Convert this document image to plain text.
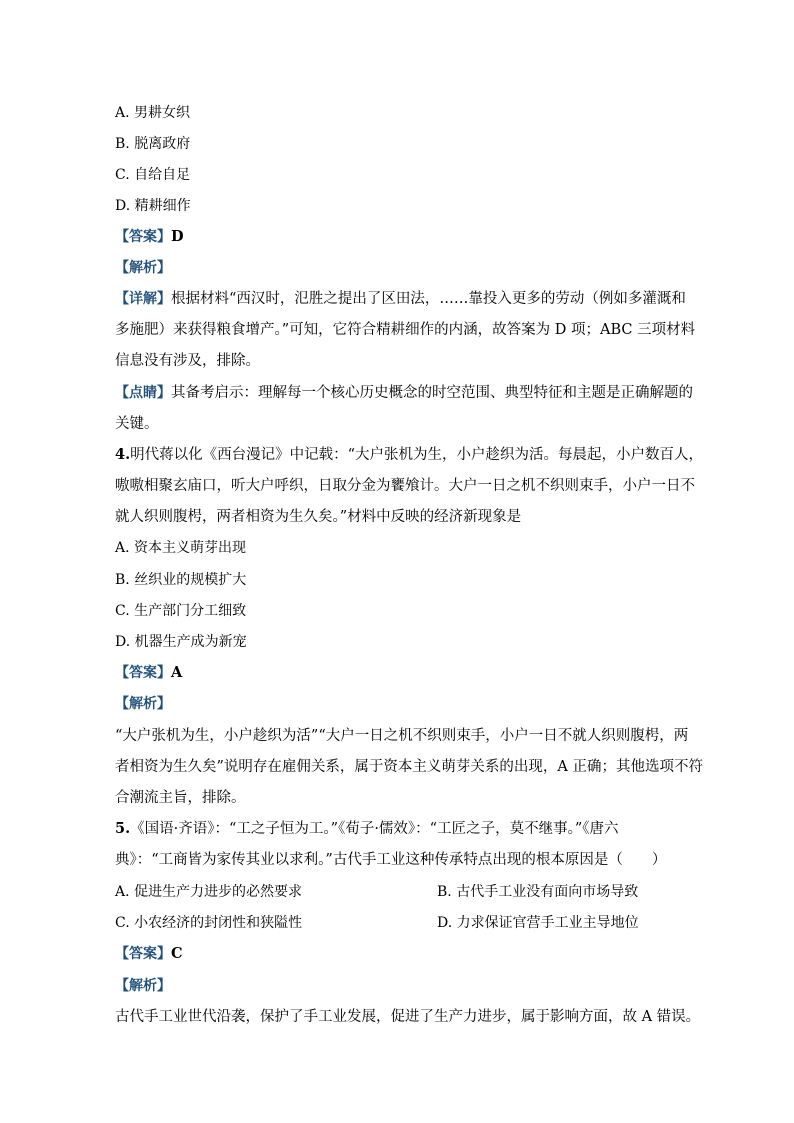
A. 男耕女织
B. 脱离政府
C. 自给自足
D. 精耕细作
【答案】D
【解析】
【详解】根据材料“西汉时，氾胜之提出了区田法，……靠投入更多的劳动（例如多灌溉和
多施肥）来获得粮食增产。”可知，它符合精耕细作的内涵，故答案为 D 项；ABC 三项材料
信息没有涉及，排除。
【点睛】其备考启示：理解每一个核心历史概念的时空范围、典型特征和主题是正确解题的
关键。
4.明代蒋以化《西台漫记》中记载：“大户张机为生，小户趁织为活。每晨起，小户数百人，
嗷嗷相聚玄庙口，听大户呼织，日取分金为饔飧计。大户一日之机不织则束手，小户一日不
就人织则腹枵，两者相资为生久矣。”材料中反映的经济新现象是
A. 资本主义萌芽出现
B. 丝织业的规模扩大
C. 生产部门分工细致
D. 机器生产成为新宠
【答案】A
【解析】
“大户张机为生，小户趁织为活”“大户一日之机不织则束手，小户一日不就人织则腹枵，两
者相资为生久矣”说明存在雇佣关系，属于资本主义萌芽关系的出现，A 正确；其他选项不符
合潮流主旨，排除。
5.《国语·齐语》：“工之子恒为工。”《荀子·儒效》：“工匠之子，莫不继事。”《唐六
典》：“工商皆为家传其业以求利。”古代手工业这种传承特点出现的根本原因是（　　）
A. 促进生产力进步的必然要求	B. 古代手工业没有面向市场导致
C. 小农经济的封闭性和狭隘性	D. 力求保证官营手工业主导地位
【答案】C
【解析】
古代手工业世代沿袭，保护了手工业发展，促进了生产力进步，属于影响方面，故 A 错误。
